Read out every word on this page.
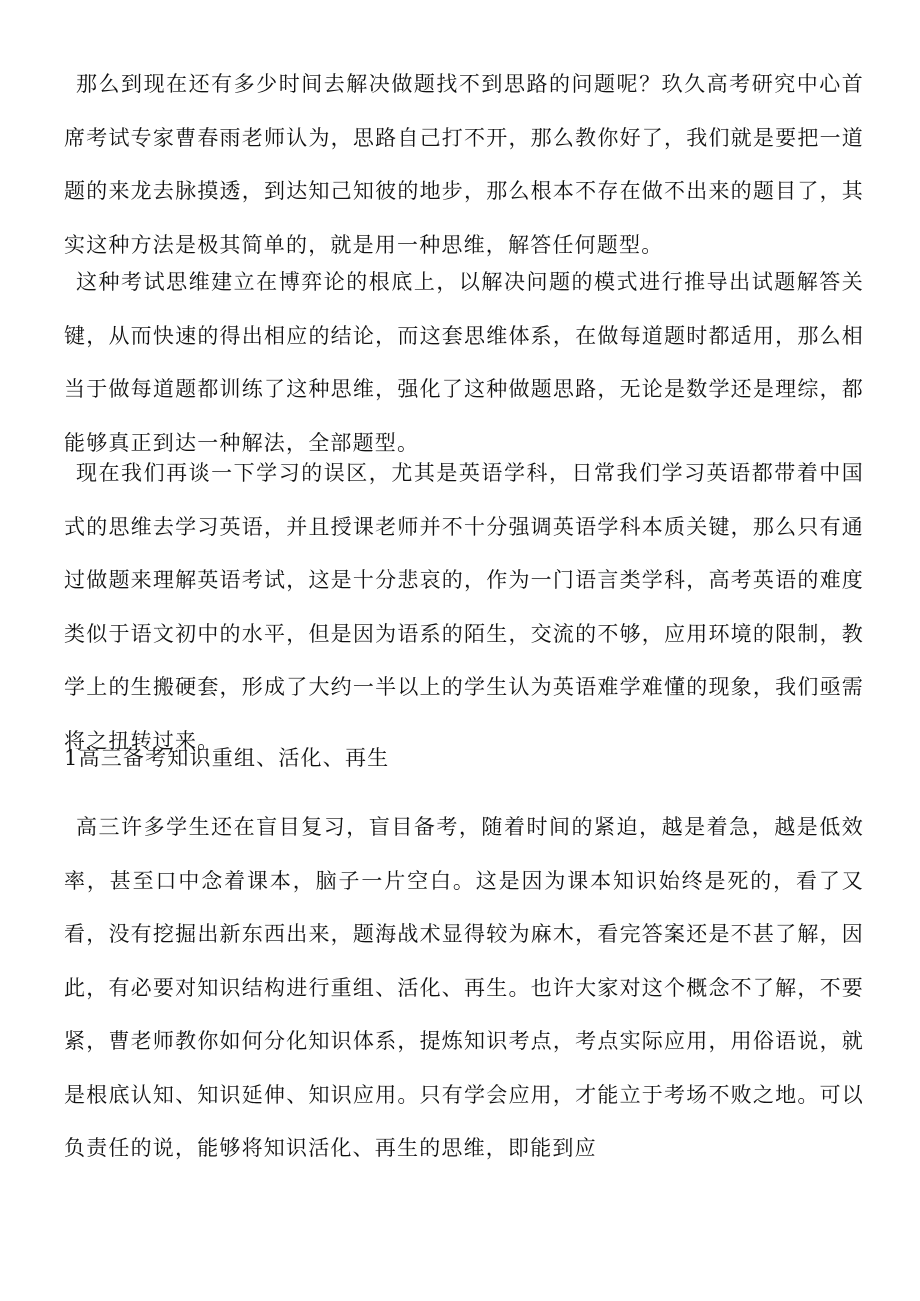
那么到现在还有多少时间去解决做题找不到思路的问题呢？玖久高考研究中心首席考试专家曹春雨老师认为，思路自己打不开，那么教你好了，我们就是要把一道题的来龙去脉摸透，到达知己知彼的地步，那么根本不存在做不出来的题目了，其实这种方法是极其简单的，就是用一种思维，解答任何题型。

这种考试思维建立在博弈论的根底上，以解决问题的模式进行推导出试题解答关键，从而快速的得出相应的结论，而这套思维体系，在做每道题时都适用，那么相当于做每道题都训练了这种思维，强化了这种做题思路，无论是数学还是理综，都能够真正到达一种解法，全部题型。

现在我们再谈一下学习的误区，尤其是英语学科，日常我们学习英语都带着中国式的思维去学习英语，并且授课老师并不十分强调英语学科本质关键，那么只有通过做题来理解英语考试，这是十分悲哀的，作为一门语言类学科，高考英语的难度类似于语文初中的水平，但是因为语系的陌生，交流的不够，应用环境的限制，教学上的生搬硬套，形成了大约一半以上的学生认为英语难学难懂的现象，我们亟需将之扭转过来。

1高三备考知识重组、活化、再生

高三许多学生还在盲目复习，盲目备考，随着时间的紧迫，越是着急，越是低效率，甚至口中念着课本，脑子一片空白。这是因为课本知识始终是死的，看了又看，没有挖掘出新东西出来，题海战术显得较为麻木，看完答案还是不甚了解，因此，有必要对知识结构进行重组、活化、再生。也许大家对这个概念不了解，不要紧，曹老师教你如何分化知识体系，提炼知识考点，考点实际应用，用俗语说，就是根底认知、知识延伸、知识应用。只有学会应用，才能立于考场不败之地。可以负责任的说，能够将知识活化、再生的思维，即能到应
